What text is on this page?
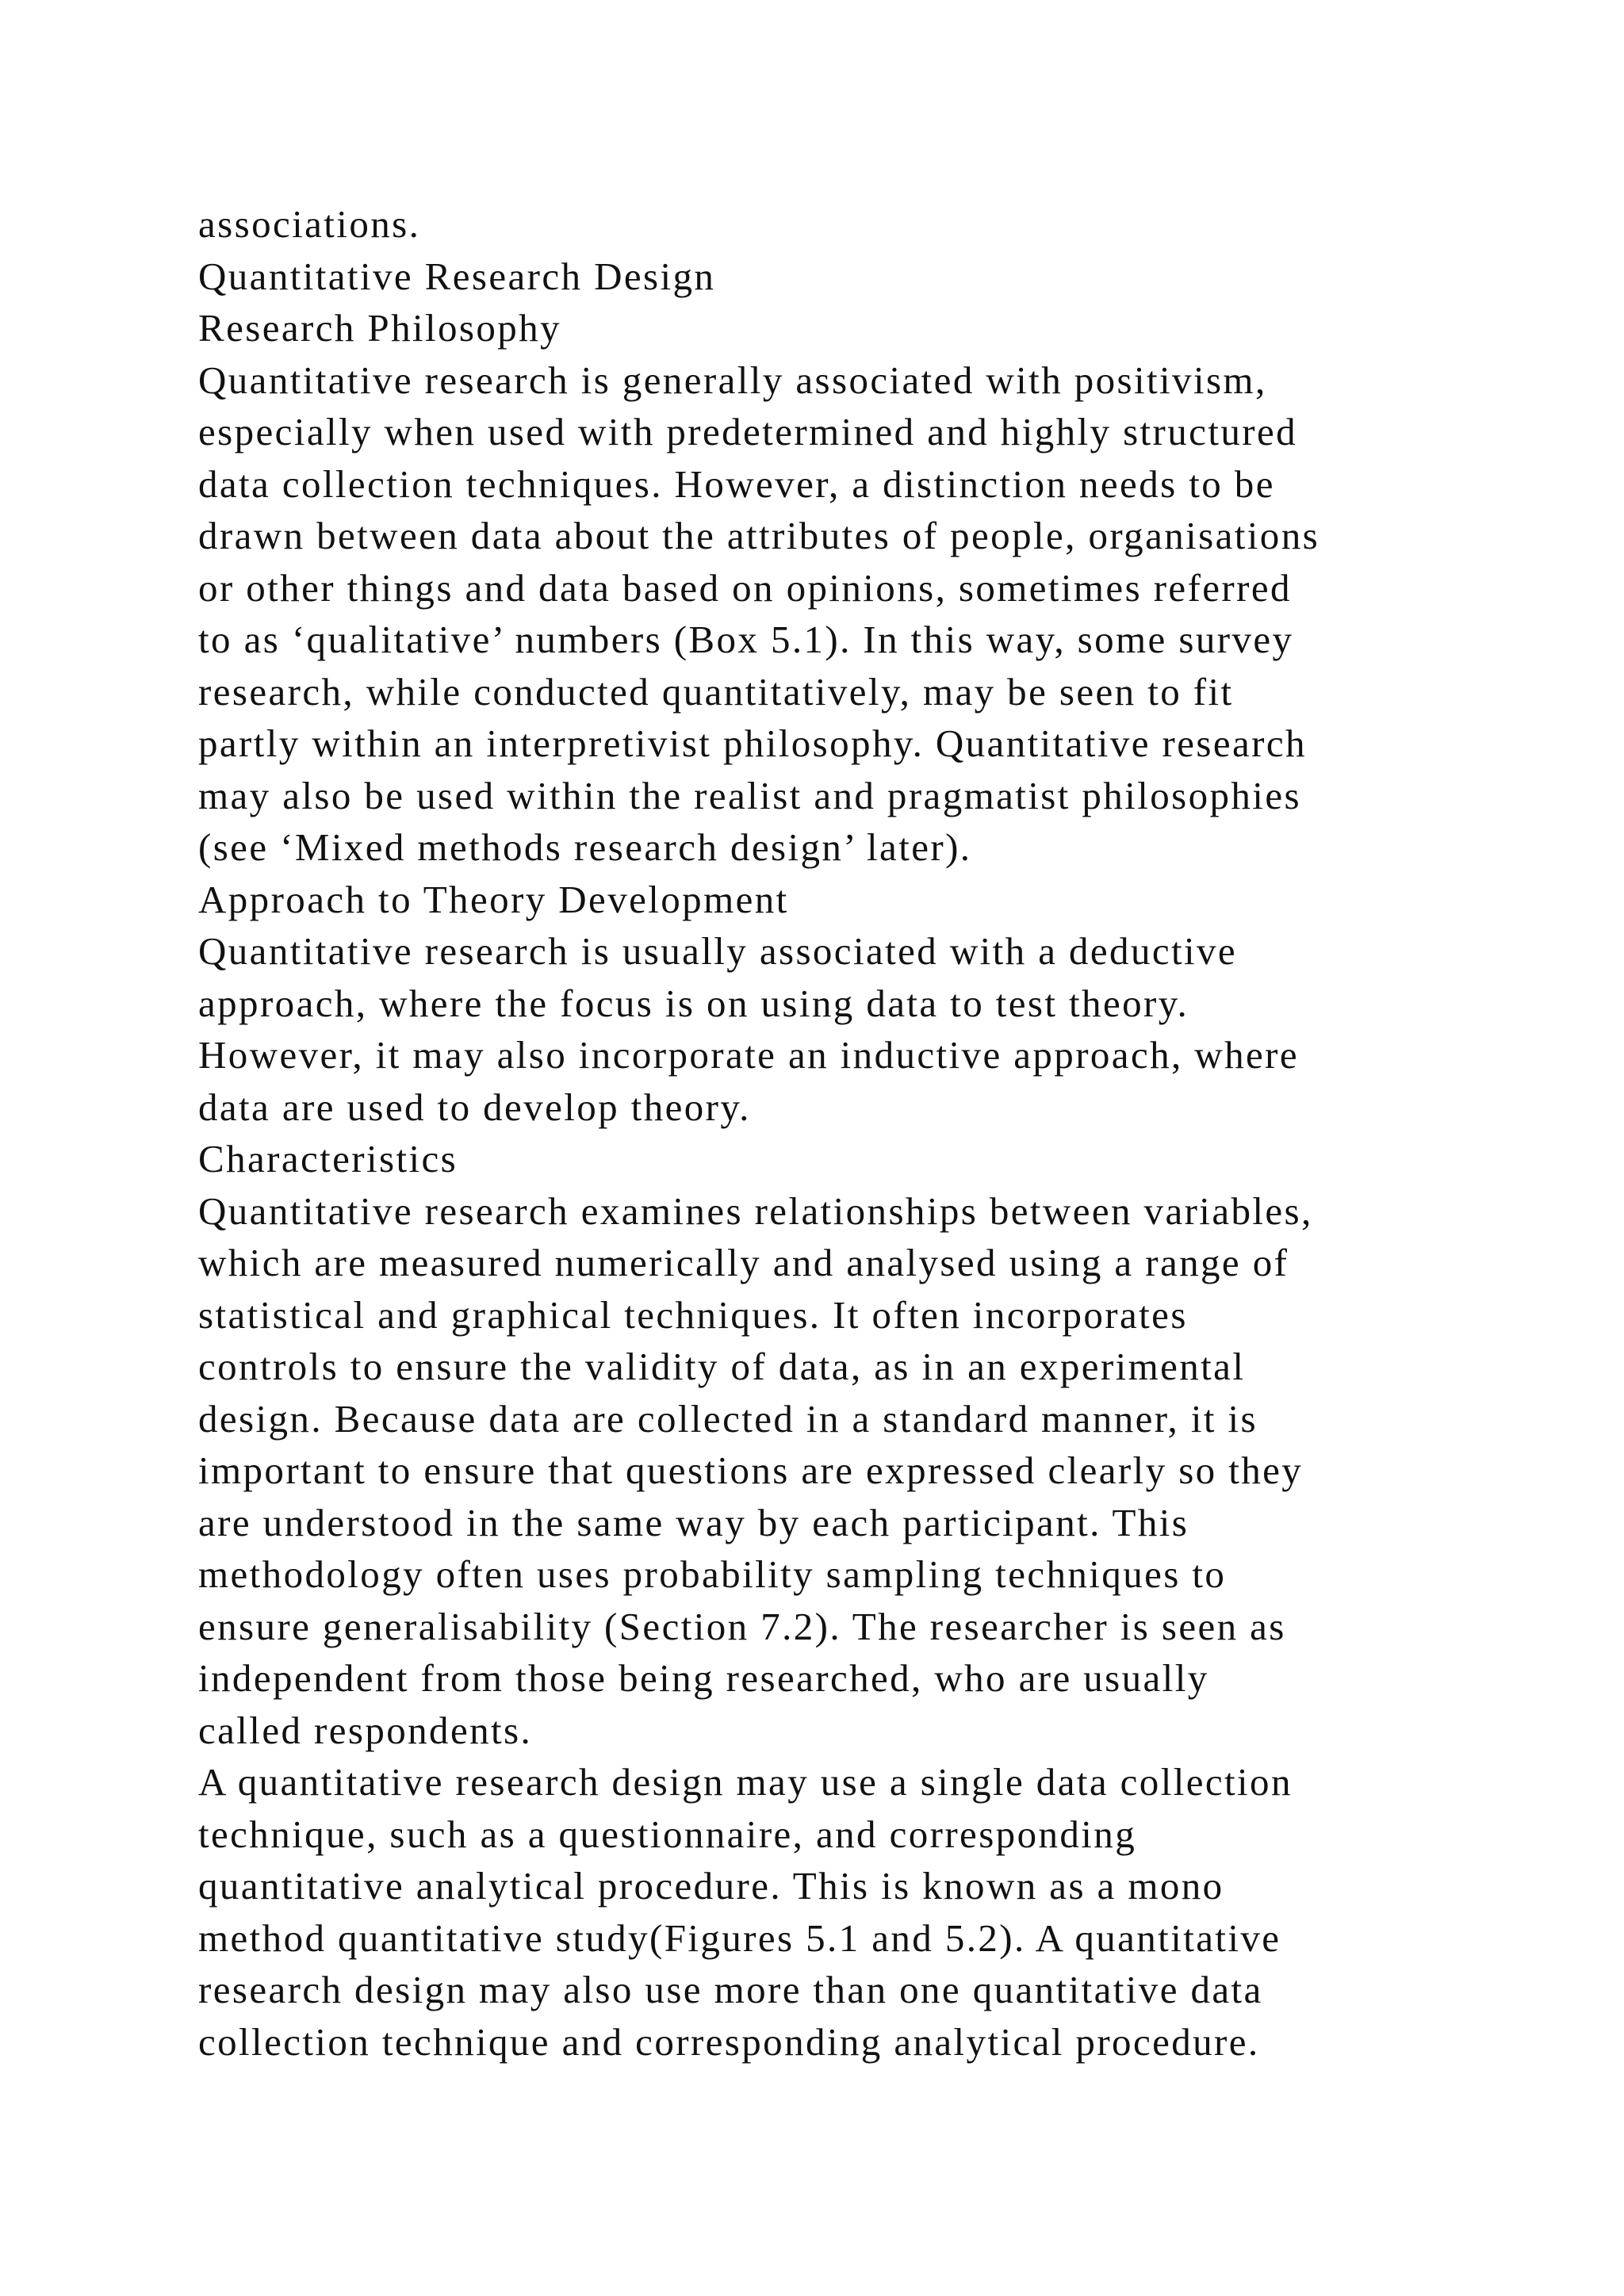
associations.
Quantitative Research Design
Research Philosophy
Quantitative research is generally associated with positivism,
especially when used with predetermined and highly structured
data collection techniques. However, a distinction needs to be
drawn between data about the attributes of people, organisations
or other things and data based on opinions, sometimes referred
to as ‘qualitative’ numbers (Box 5.1). In this way, some survey
research, while conducted quantitatively, may be seen to fit
partly within an interpretivist philosophy. Quantitative research
may also be used within the realist and pragmatist philosophies
(see ‘Mixed methods research design’ later).
Approach to Theory Development
Quantitative research is usually associated with a deductive
approach, where the focus is on using data to test theory.
However, it may also incorporate an inductive approach, where
data are used to develop theory.
Characteristics
Quantitative research examines relationships between variables,
which are measured numerically and analysed using a range of
statistical and graphical techniques. It often incorporates
controls to ensure the validity of data, as in an experimental
design. Because data are collected in a standard manner, it is
important to ensure that questions are expressed clearly so they
are understood in the same way by each participant. This
methodology often uses probability sampling techniques to
ensure generalisability (Section 7.2). The researcher is seen as
independent from those being researched, who are usually
called respondents.
A quantitative research design may use a single data collection
technique, such as a questionnaire, and corresponding
quantitative analytical procedure. This is known as a mono
method quantitative study(Figures 5.1 and 5.2). A quantitative
research design may also use more than one quantitative data
collection technique and corresponding analytical procedure.
